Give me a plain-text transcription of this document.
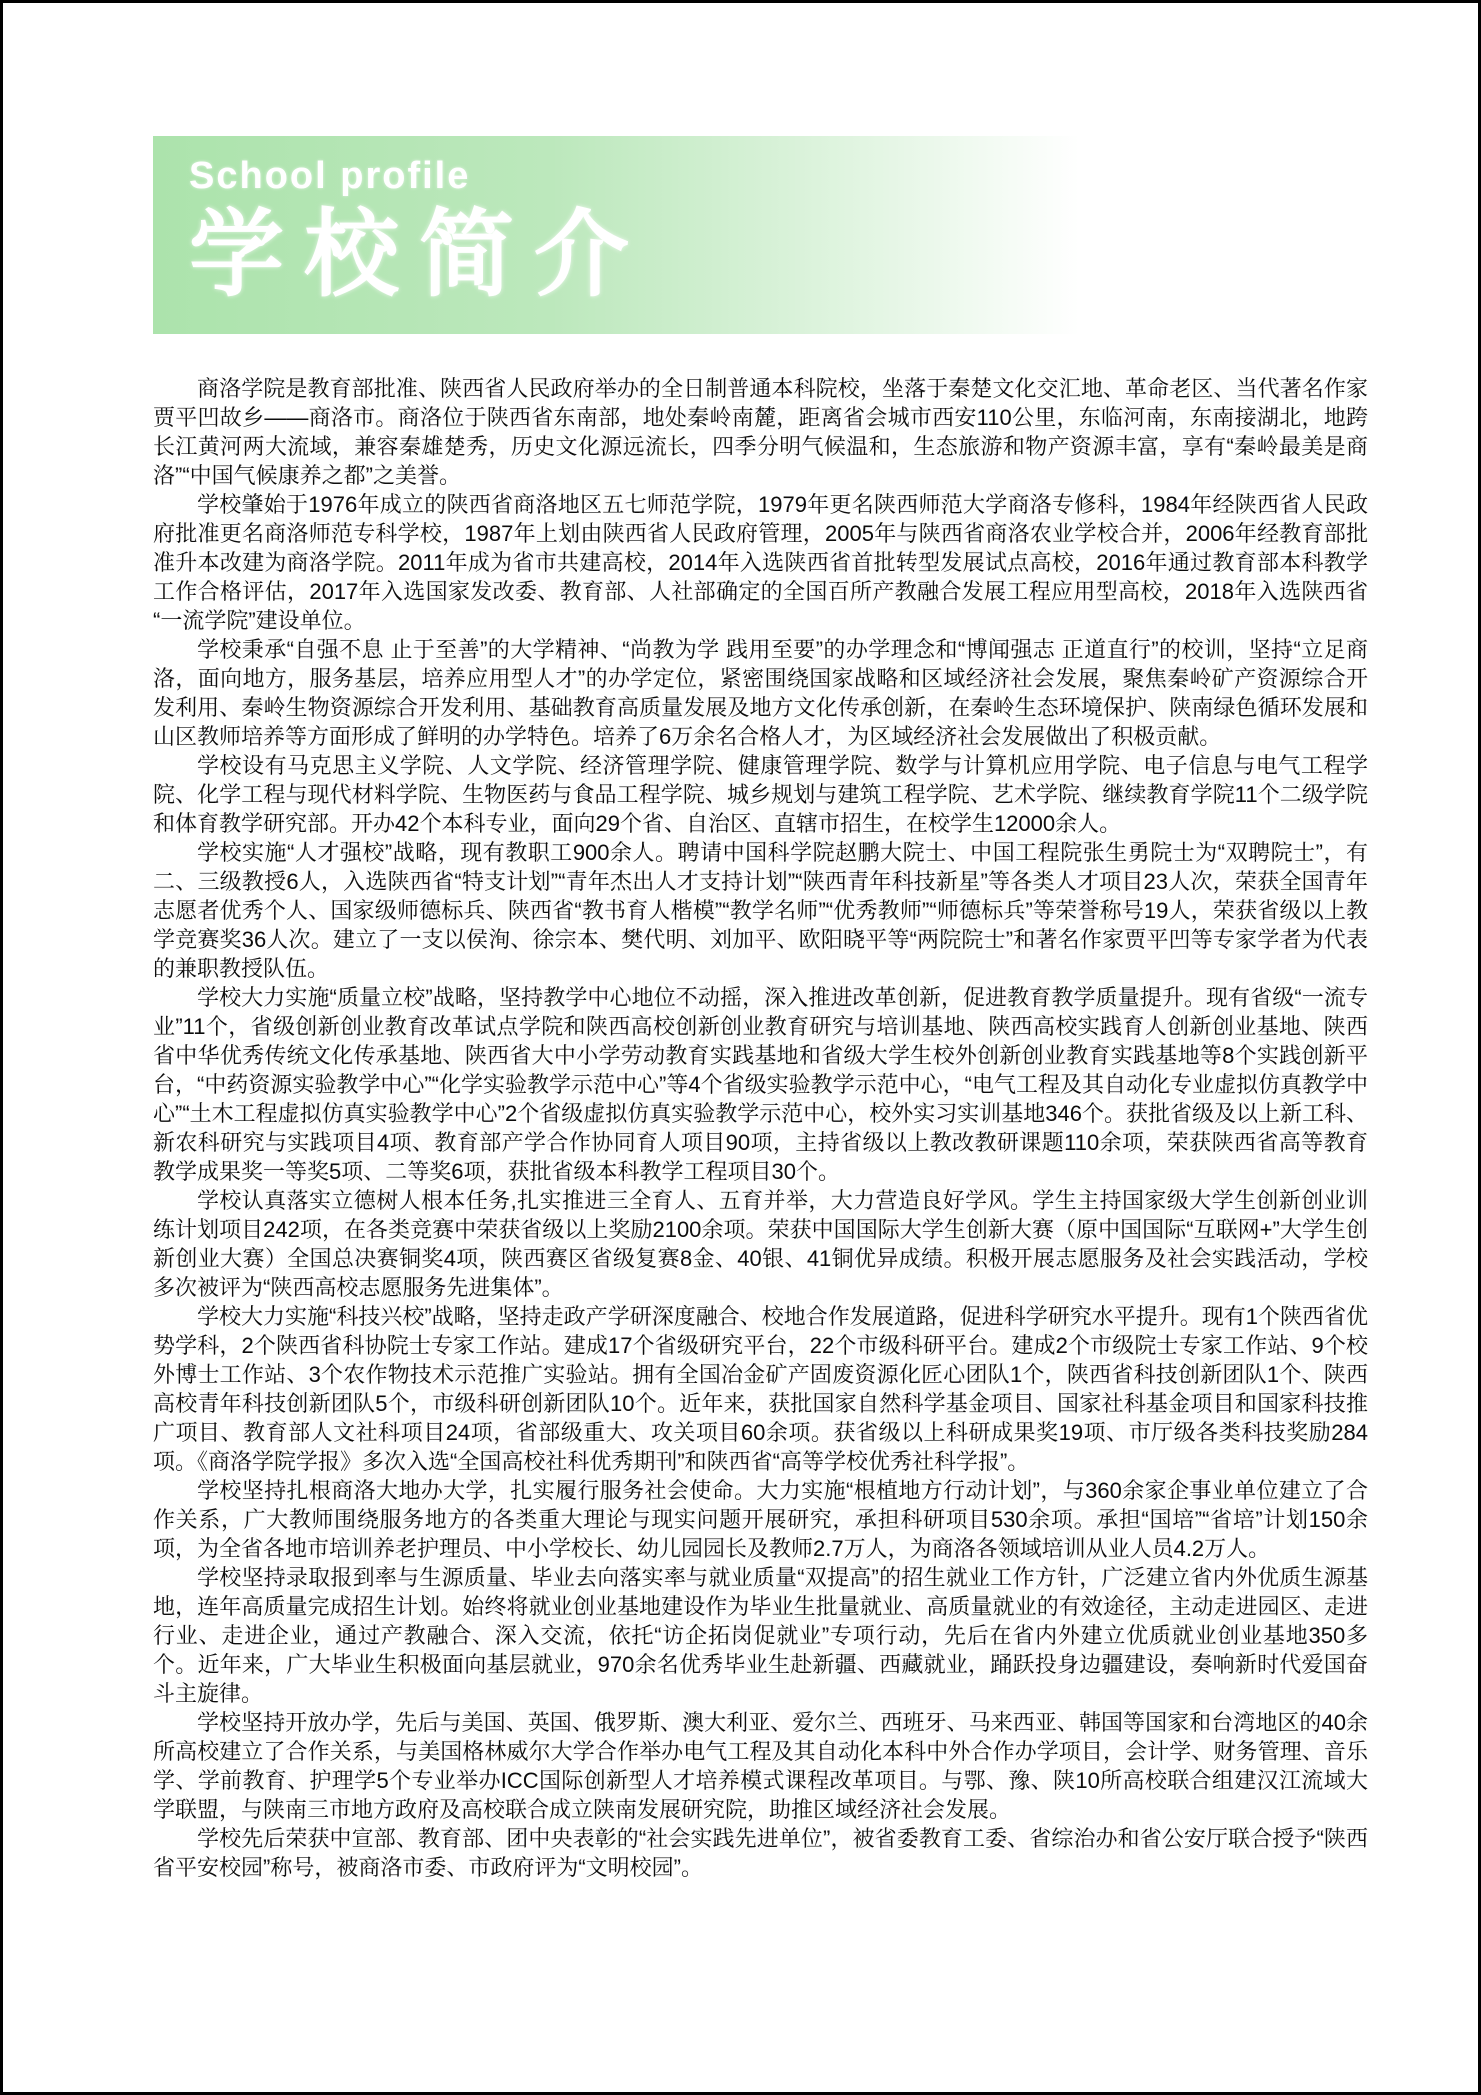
School profile
学校简介

商洛学院是教育部批准、陕西省人民政府举办的全日制普通本科院校，坐落于秦楚文化交汇地、革命老区、当代著名作家贾平凹故乡——商洛市。商洛位于陕西省东南部，地处秦岭南麓，距离省会城市西安110公里，东临河南，东南接湖北，地跨长江黄河两大流域，兼容秦雄楚秀，历史文化源远流长，四季分明气候温和，生态旅游和物产资源丰富，享有“秦岭最美是商洛”“中国气候康养之都”之美誉。

学校肇始于1976年成立的陕西省商洛地区五七师范学院，1979年更名陕西师范大学商洛专修科，1984年经陕西省人民政府批准更名商洛师范专科学校，1987年上划由陕西省人民政府管理，2005年与陕西省商洛农业学校合并，2006年经教育部批准升本改建为商洛学院。2011年成为省市共建高校，2014年入选陕西省首批转型发展试点高校，2016年通过教育部本科教学工作合格评估，2017年入选国家发改委、教育部、人社部确定的全国百所产教融合发展工程应用型高校，2018年入选陕西省“一流学院”建设单位。

学校秉承“自强不息 止于至善”的大学精神、“尚教为学 践用至要”的办学理念和“博闻强志 正道直行”的校训，坚持“立足商洛，面向地方，服务基层，培养应用型人才”的办学定位，紧密围绕国家战略和区域经济社会发展，聚焦秦岭矿产资源综合开发利用、秦岭生物资源综合开发利用、基础教育高质量发展及地方文化传承创新，在秦岭生态环境保护、陕南绿色循环发展和山区教师培养等方面形成了鲜明的办学特色。培养了6万余名合格人才，为区域经济社会发展做出了积极贡献。

学校设有马克思主义学院、人文学院、经济管理学院、健康管理学院、数学与计算机应用学院、电子信息与电气工程学院、化学工程与现代材料学院、生物医药与食品工程学院、城乡规划与建筑工程学院、艺术学院、继续教育学院11个二级学院和体育教学研究部。开办42个本科专业，面向29个省、自治区、直辖市招生，在校学生12000余人。

学校实施“人才强校”战略，现有教职工900余人。聘请中国科学院赵鹏大院士、中国工程院张生勇院士为“双聘院士”，有二、三级教授6人，入选陕西省“特支计划”“青年杰出人才支持计划”“陕西青年科技新星”等各类人才项目23人次，荣获全国青年志愿者优秀个人、国家级师德标兵、陕西省“教书育人楷模”“教学名师”“优秀教师”“师德标兵”等荣誉称号19人，荣获省级以上教学竞赛奖36人次。建立了一支以侯洵、徐宗本、樊代明、刘加平、欧阳晓平等“两院院士”和著名作家贾平凹等专家学者为代表的兼职教授队伍。

学校大力实施“质量立校”战略，坚持教学中心地位不动摇，深入推进改革创新，促进教育教学质量提升。现有省级“一流专业”11个，省级创新创业教育改革试点学院和陕西高校创新创业教育研究与培训基地、陕西高校实践育人创新创业基地、陕西省中华优秀传统文化传承基地、陕西省大中小学劳动教育实践基地和省级大学生校外创新创业教育实践基地等8个实践创新平台，“中药资源实验教学中心”“化学实验教学示范中心”等4个省级实验教学示范中心，“电气工程及其自动化专业虚拟仿真教学中心”“土木工程虚拟仿真实验教学中心”2个省级虚拟仿真实验教学示范中心，校外实习实训基地346个。获批省级及以上新工科、新农科研究与实践项目4项、教育部产学合作协同育人项目90项，主持省级以上教改教研课题110余项，荣获陕西省高等教育教学成果奖一等奖5项、二等奖6项，获批省级本科教学工程项目30个。

学校认真落实立德树人根本任务,扎实推进三全育人、五育并举，大力营造良好学风。学生主持国家级大学生创新创业训练计划项目242项，在各类竞赛中荣获省级以上奖励2100余项。荣获中国国际大学生创新大赛（原中国国际“互联网+”大学生创新创业大赛）全国总决赛铜奖4项，陕西赛区省级复赛8金、40银、41铜优异成绩。积极开展志愿服务及社会实践活动，学校多次被评为“陕西高校志愿服务先进集体”。

学校大力实施“科技兴校”战略，坚持走政产学研深度融合、校地合作发展道路，促进科学研究水平提升。现有1个陕西省优势学科，2个陕西省科协院士专家工作站。建成17个省级研究平台，22个市级科研平台。建成2个市级院士专家工作站、9个校外博士工作站、3个农作物技术示范推广实验站。拥有全国冶金矿产固废资源化匠心团队1个，陕西省科技创新团队1个、陕西高校青年科技创新团队5个，市级科研创新团队10个。近年来，获批国家自然科学基金项目、国家社科基金项目和国家科技推广项目、教育部人文社科项目24项，省部级重大、攻关项目60余项。获省级以上科研成果奖19项、市厅级各类科技奖励284项。《商洛学院学报》多次入选“全国高校社科优秀期刊”和陕西省“高等学校优秀社科学报”。

学校坚持扎根商洛大地办大学，扎实履行服务社会使命。大力实施“根植地方行动计划”，与360余家企事业单位建立了合作关系，广大教师围绕服务地方的各类重大理论与现实问题开展研究，承担科研项目530余项。承担“国培”“省培”计划150余项，为全省各地市培训养老护理员、中小学校长、幼儿园园长及教师2.7万人，为商洛各领域培训从业人员4.2万人。

学校坚持录取报到率与生源质量、毕业去向落实率与就业质量“双提高”的招生就业工作方针，广泛建立省内外优质生源基地，连年高质量完成招生计划。始终将就业创业基地建设作为毕业生批量就业、高质量就业的有效途径，主动走进园区、走进行业、走进企业，通过产教融合、深入交流，依托“访企拓岗促就业”专项行动，先后在省内外建立优质就业创业基地350多个。近年来，广大毕业生积极面向基层就业，970余名优秀毕业生赴新疆、西藏就业，踊跃投身边疆建设，奏响新时代爱国奋斗主旋律。

学校坚持开放办学，先后与美国、英国、俄罗斯、澳大利亚、爱尔兰、西班牙、马来西亚、韩国等国家和台湾地区的40余所高校建立了合作关系，与美国格林威尔大学合作举办电气工程及其自动化本科中外合作办学项目，会计学、财务管理、音乐学、学前教育、护理学5个专业举办ICC国际创新型人才培养模式课程改革项目。与鄂、豫、陕10所高校联合组建汉江流域大学联盟，与陕南三市地方政府及高校联合成立陕南发展研究院，助推区域经济社会发展。

学校先后荣获中宣部、教育部、团中央表彰的“社会实践先进单位”，被省委教育工委、省综治办和省公安厅联合授予“陕西省平安校园”称号，被商洛市委、市政府评为“文明校园”。
